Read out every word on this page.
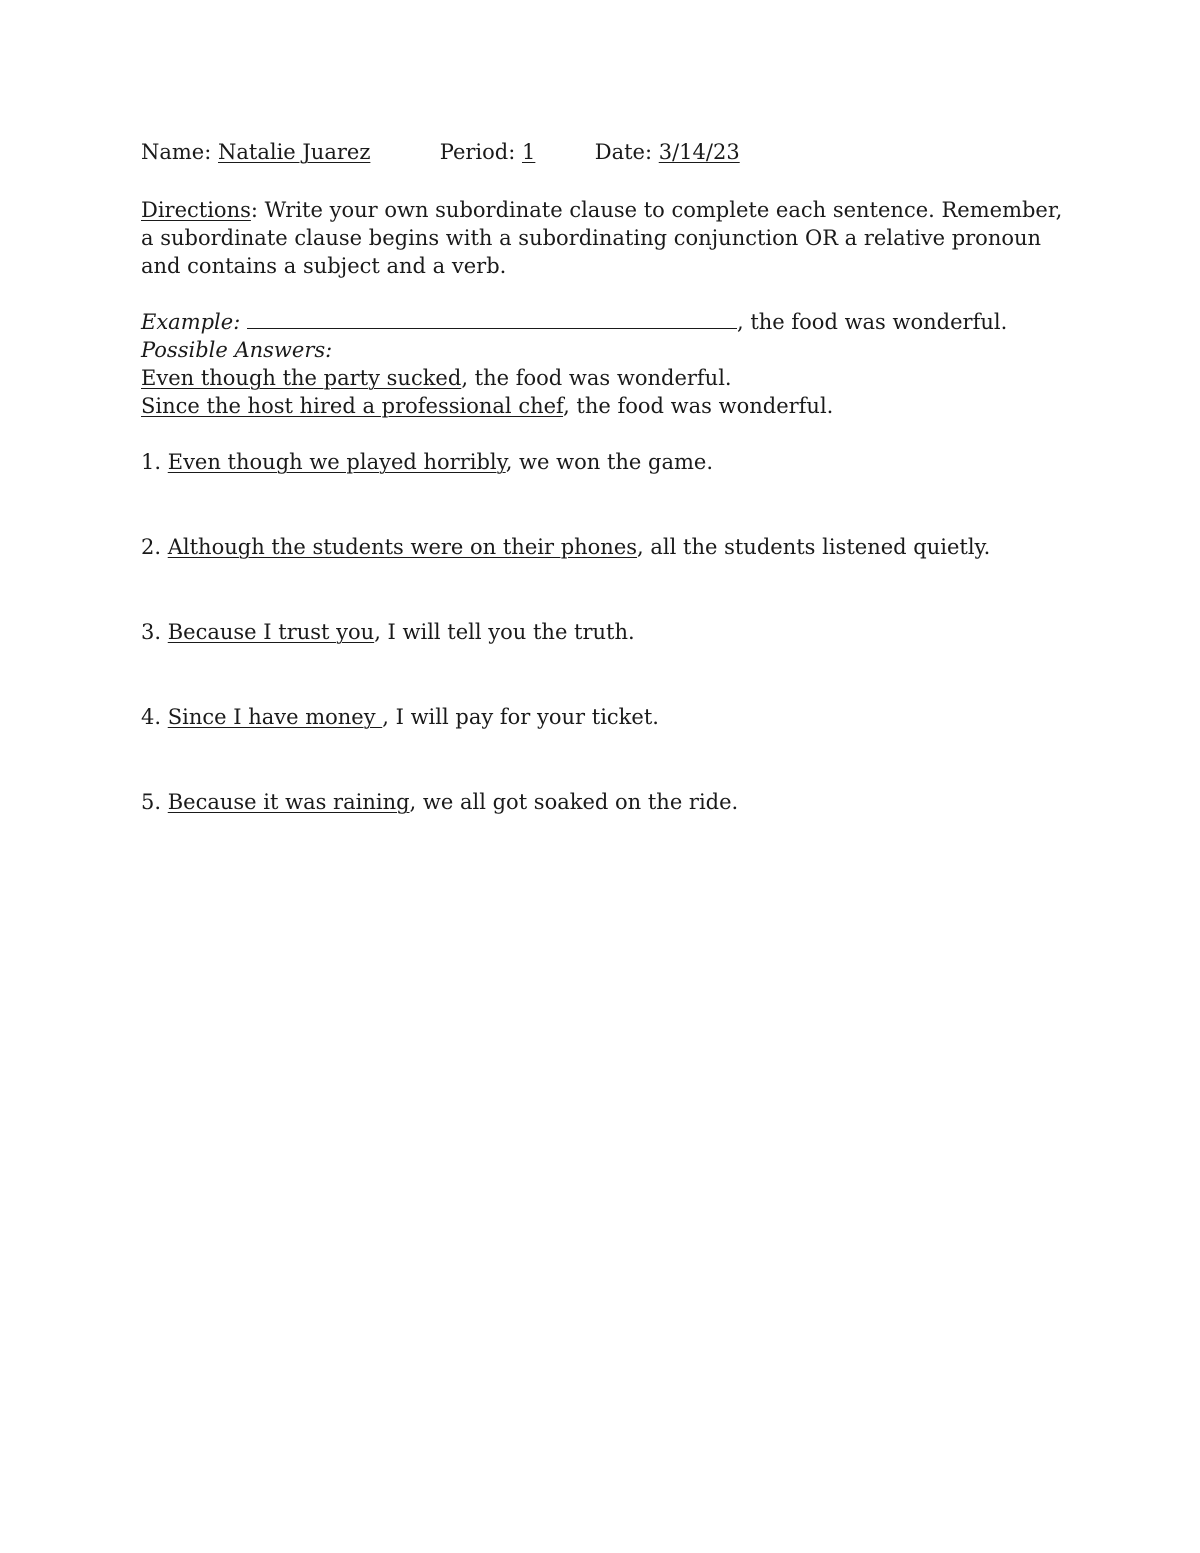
Name: Natalie Juarez	Period: 1	Date: 3/14/23
Directions: Write your own subordinate clause to complete each sentence. Remember, a subordinate clause begins with a subordinating conjunction OR a relative pronoun and contains a subject and a verb.
Example:	, the food was wonderful.
Possible Answers:
Even though the party sucked, the food was wonderful.
Since the host hired a professional chef, the food was wonderful.
1. Even though we played horribly, we won the game.
2. Although the students were on their phones, all the students listened quietly.
3. Because I trust you, I will tell you the truth.
4. Since I have money , I will pay for your ticket.
5. Because it was raining, we all got soaked on the ride.
